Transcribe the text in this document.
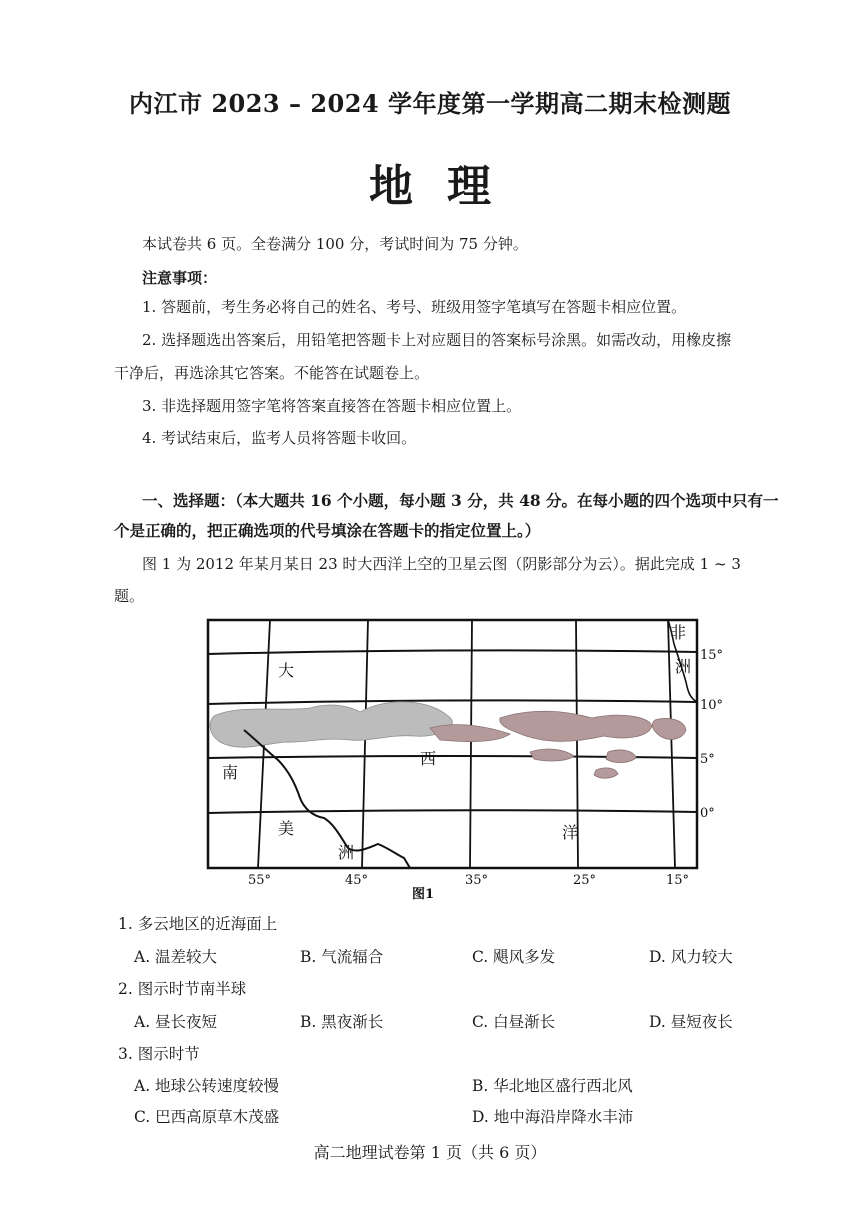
内江市 2023 – 2024 学年度第一学期高二期末检测题
地理
本试卷共 6 页。全卷满分 100 分，考试时间为 75 分钟。
注意事项：
1. 答题前，考生务必将自己的姓名、考号、班级用签字笔填写在答题卡相应位置。
2. 选择题选出答案后，用铅笔把答题卡上对应题目的答案标号涂黑。如需改动，用橡皮擦
干净后，再选涂其它答案。不能答在试题卷上。
3. 非选择题用签字笔将答案直接答在答题卡相应位置上。
4. 考试结束后，监考人员将答题卡收回。
一、选择题：（本大题共 16 个小题，每小题 3 分，共 48 分。在每小题的四个选项中只有一
个是正确的，把正确选项的代号填涂在答题卡的指定位置上。）
图 1 为 2012 年某月某日 23 时大西洋上空的卫星云图（阴影部分为云）。据此完成 1 ~ 3
题。
大
西
洋
南
美
洲
非
洲
15°
10°
5°
0°
55°	45°	35°	25°	15°
图1
1. 多云地区的近海面上
A. 温差较大	B. 气流辐合	C. 飓风多发	D. 风力较大
2. 图示时节南半球
A. 昼长夜短	B. 黑夜渐长	C. 白昼渐长	D. 昼短夜长
3. 图示时节
A. 地球公转速度较慢	B. 华北地区盛行西北风
C. 巴西高原草木茂盛	D. 地中海沿岸降水丰沛
高二地理试卷第 1 页（共 6 页）
